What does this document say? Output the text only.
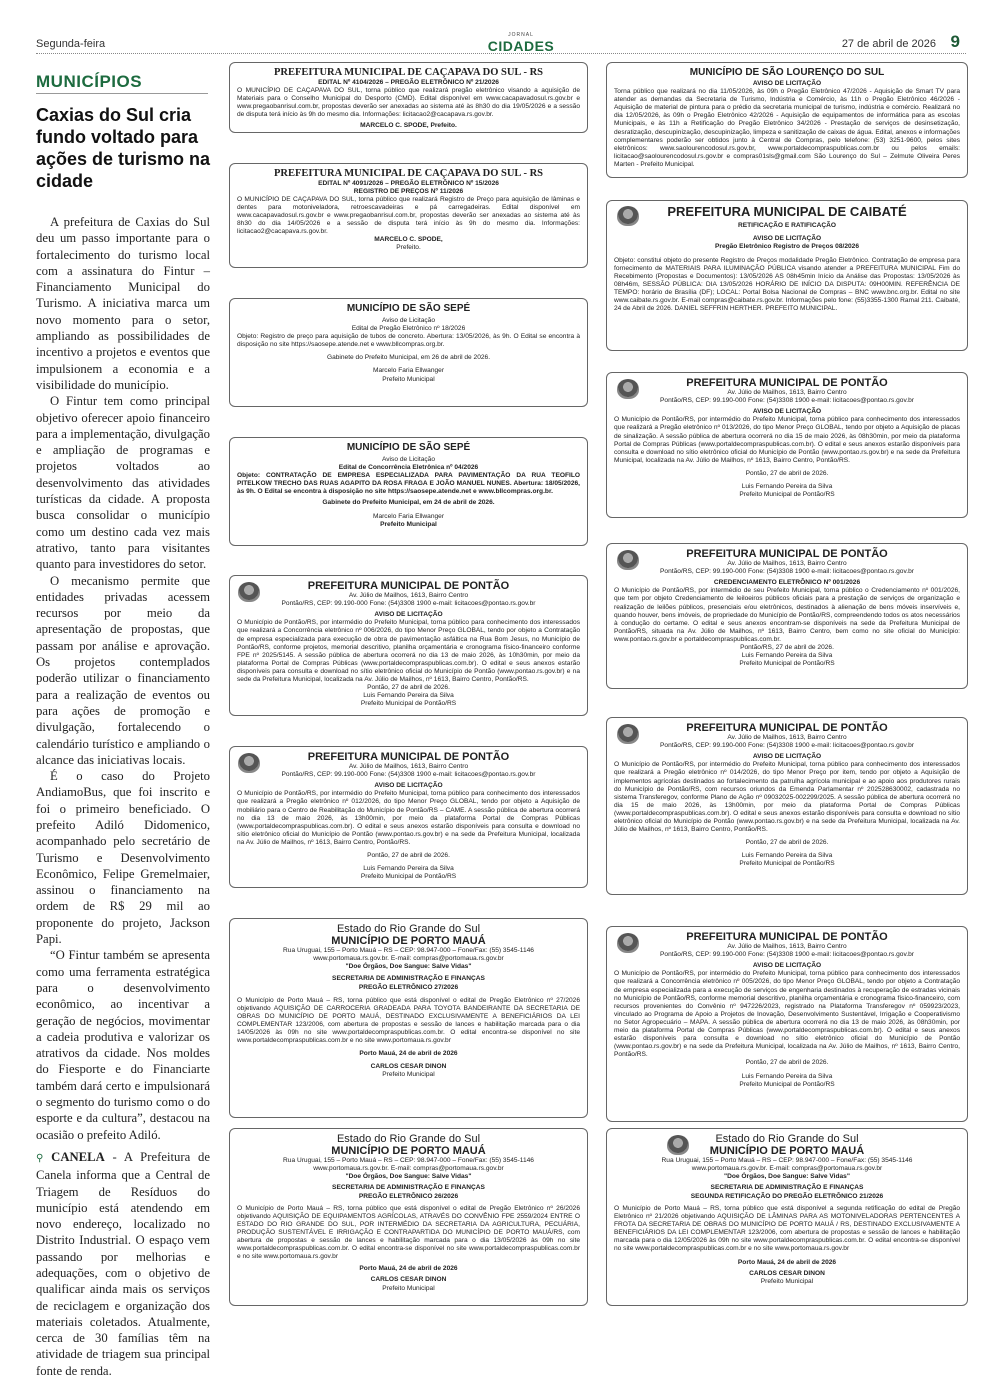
Segunda-feira
JORNAL
CIDADES	27 de abril de 2026 9
MUNICÍPIOS
Caxias do Sul cria fundo voltado para ações de turismo na cidade

A prefeitura de Caxias do Sul deu um passo importante para o fortalecimento do turismo local com a assinatura do Fintur – Financiamento Municipal do Turismo. A iniciativa marca um novo momento para o setor, ampliando as possibilidades de incentivo a projetos e eventos que impulsionem a economia e a visibilidade do município.

O Fintur tem como principal objetivo oferecer apoio financeiro para a implementação, divulgação e ampliação de programas e projetos voltados ao desenvolvimento das atividades turísticas da cidade. A proposta busca consolidar o município como um destino cada vez mais atrativo, tanto para visitantes quanto para investidores do setor.

O mecanismo permite que entidades privadas acessem recursos por meio da apresentação de propostas, que passam por análise e aprovação. Os projetos contemplados poderão utilizar o financiamento para a realização de eventos ou para ações de promoção e divulgação, fortalecendo o calendário turístico e ampliando o alcance das iniciativas locais.

É o caso do Projeto AndiamoBus, que foi inscrito e foi o primeiro beneficiado. O prefeito Adiló Didomenico, acompanhado pelo secretário de Turismo e Desenvolvimento Econômico, Felipe Gremelmaier, assinou o financiamento na ordem de R$ 29 mil ao proponente do projeto, Jackson Papi.

“O Fintur também se apresenta como uma ferramenta estratégica para o desenvolvimento econômico, ao incentivar a geração de negócios, movimentar a cadeia produtiva e valorizar os atrativos da cidade. Nos moldes do Fiesporte e do Financiarte também dará certo e impulsionará o segmento do turismo como o do esporte e da cultura”, destacou na ocasião o prefeito Adiló.

⚲ CANELA - A Prefeitura de Canela informa que a Central de Triagem de Resíduos do município está atendendo em novo endereço, localizado no Distrito Industrial. O espaço vem passando por melhorias e adequações, com o objetivo de qualificar ainda mais os serviços de reciclagem e organização dos materiais coletados. Atualmente, cerca de 30 famílias têm na atividade de triagem sua principal fonte de renda.

PREFEITURA MUNICIPAL DE CAÇAPAVA DO SUL - RS
EDITAL Nº 4104/2026 – PREGÃO ELETRÔNICO Nº 21/2026
O MUNICÍPIO DE CAÇAPAVA DO SUL, torna público que realizará pregão eletrônico visando a aquisição de Materiais para o Conselho Municipal do Desporto (CMD). Edital disponível em www.cacapavadosul.rs.gov.br e www.pregaobanrisul.com.br, propostas deverão ser anexadas ao sistema até às 8h30 do dia 19/05/2026 e a sessão de disputa terá início às 9h do mesmo dia. Informações: licitacao2@cacapava.rs.gov.br.
MARCELO C. SPODE, Prefeito.
PREFEITURA MUNICIPAL DE CAÇAPAVA DO SUL - RS
EDITAL Nº 4091/2026 – PREGÃO ELETRÔNICO Nº 15/2026
REGISTRO DE PREÇOS Nº 11/2026
O MUNICÍPIO DE CAÇAPAVA DO SUL, torna público que realizará Registro de Preço para aquisição de lâminas e dentes para motoniveladora, retroescavadeiras e pá carregadeiras. Edital disponível em www.cacapavadosul.rs.gov.br e www.pregaobanrisul.com.br, propostas deverão ser anexadas ao sistema até às 8h30 do dia 14/05/2026 e a sessão de disputa terá início às 9h do mesmo dia. Informações: licitacao2@cacapava.rs.gov.br.
MARCELO C. SPODE,
Prefeito.
MUNICÍPIO DE SÃO SEPÉ
Aviso de Licitação
Edital de Pregão Eletrônico nº 18/2026
Objeto: Registro de preço para aquisição de tubos de concreto. Abertura: 13/05/2026, às 9h. O Edital se encontra à disposição no site https://saosepe.atende.net e www.bllcompras.org.br.
Gabinete do Prefeito Municipal, em 26 de abril de 2026.
Marcelo Faria Ellwanger
Prefeito Municipal
MUNICÍPIO DE SÃO SEPÉ
Aviso de Licitação
Edital de Concorrência Eletrônica nº 04/2026
Objeto: CONTRATAÇÃO DE EMPRESA ESPECIALIZADA PARA PAVIMENTAÇÃO DA RUA TEOFILO PITELKOW TRECHO DAS RUAS AGAPITO DA ROSA FRAGA E JOÃO MANUEL NUNES. Abertura: 18/05/2026, às 9h. O Edital se encontra à disposição no site https://saosepe.atende.net e www.bllcompras.org.br.
Gabinete do Prefeito Municipal, em 24 de abril de 2026.
Marcelo Faria Ellwanger
Prefeito Municipal
PREFEITURA MUNICIPAL DE PONTÃO
Av. Júlio de Mailhos, 1613, Bairro Centro
Pontão/RS, CEP: 99.190-000 Fone: (54)3308 1900 e-mail: licitacoes@pontao.rs.gov.br
AVISO DE LICITAÇÃO
O Município de Pontão/RS, por intermédio do Prefeito Municipal, torna público para conhecimento dos interessados que realizará a Concorrência eletrônico nº 006/2026, do tipo Menor Preço GLOBAL, tendo por objeto a Contratação de empresa especializada para execução de obra de pavimentação asfáltica na Rua Bom Jesus, no Município de Pontão/RS, conforme projetos, memorial descritivo, planilha orçamentária e cronograma físico-financeiro conforme FPE nº 2025/5145. A sessão pública de abertura ocorrerá no dia 13 de maio 2026, às 10h30min, por meio da plataforma Portal de Compras Públicas (www.portaldecompraspublicas.com.br). O edital e seus anexos estarão disponíveis para consulta e download no sítio eletrônico oficial do Município de Pontão (www.pontao.rs.gov.br) e na sede da Prefeitura Municipal, localizada na Av. Júlio de Mailhos, nº 1613, Bairro Centro, Pontão/RS.
Pontão, 27 de abril de 2026.
Luis Fernando Pereira da Silva
Prefeito Municipal de Pontão/RS
PREFEITURA MUNICIPAL DE PONTÃO
Av. Júlio de Mailhos, 1613, Bairro Centro
Pontão/RS, CEP: 99.190-000 Fone: (54)3308 1900 e-mail: licitacoes@pontao.rs.gov.br
AVISO DE LICITAÇÃO
O Município de Pontão/RS, por intermédio do Prefeito Municipal, torna público para conhecimento dos interessados que realizará a Pregão eletrônico nº 012/2026, do tipo Menor Preço GLOBAL, tendo por objeto a Aquisição de mobiliário para o Centro de Reabilitação do Município de Pontão/RS – CAME. A sessão pública de abertura ocorrerá no dia 13 de maio 2026, às 13h00min, por meio da plataforma Portal de Compras Públicas (www.portaldecompraspublicas.com.br). O edital e seus anexos estarão disponíveis para consulta e download no sítio eletrônico oficial do Município de Pontão (www.pontao.rs.gov.br) e na sede da Prefeitura Municipal, localizada na Av. Júlio de Mailhos, nº 1613, Bairro Centro, Pontão/RS.
Pontão, 27 de abril de 2026.
Luis Fernando Pereira da Silva
Prefeito Municipal de Pontão/RS
Estado do Rio Grande do Sul
MUNICÍPIO DE PORTO MAUÁ
Rua Uruguai, 155 – Porto Mauá – RS – CEP: 98.947-000 – Fone/Fax: (55) 3545-1146
www.portomaua.rs.gov.br. E-mail: compras@portomaua.rs.gov.br
"Doe Órgãos, Doe Sangue: Salve Vidas"
SECRETARIA DE ADMINISTRAÇÃO E FINANÇAS
PREGÃO ELETRÔNICO 27/2026
O Município de Porto Mauá – RS, torna público que está disponível o edital de Pregão Eletrônico nº 27/2026 objetivando AQUISIÇÃO DE CARROCERIA GRADEADA PARA TOYOTA BANDEIRANTE DA SECRETARIA DE OBRAS DO MUNICÍPIO DE PORTO MAUÁ, DESTINADO EXCLUSIVAMENTE A BENEFICIÁRIOS DA LEI COMPLEMENTAR 123/2006, com abertura de propostas e sessão de lances e habilitação marcada para o dia 14/05/2026 às 09h no site www.portaldecompraspublicas.com.br. O edital encontra-se disponível no site www.portaldecompraspublicas.com.br e no site www.portomaua.rs.gov.br
Porto Mauá, 24 de abril de 2026
CARLOS CESAR DINON
Prefeito Municipal
Estado do Rio Grande do Sul
MUNICÍPIO DE PORTO MAUÁ
Rua Uruguai, 155 – Porto Mauá – RS – CEP: 98.947-000 – Fone/Fax: (55) 3545-1146
www.portomaua.rs.gov.br. E-mail: compras@portomaua.rs.gov.br
"Doe Órgãos, Doe Sangue: Salve Vidas"
SECRETARIA DE ADMINISTRAÇÃO E FINANÇAS
PREGÃO ELETRÔNICO 26/2026
O Município de Porto Mauá – RS, torna público que está disponível o edital de Pregão Eletrônico nº 26/2026 objetivando AQUISIÇÃO DE EQUIPAMENTOS AGRÍCOLAS, ATRAVÉS DO CONVÊNIO FPE 2559/2024 ENTRE O ESTADO DO RIO GRANDE DO SUL, POR INTERMÉDIO DA SECRETARIA DA AGRICULTURA, PECUÁRIA, PRODUÇÃO SUSTENTÁVEL E IRRIGAÇÃO E CONTRAPARTIDA DO MUNICÍPIO DE PORTO MAUÁ/RS, com abertura de propostas e sessão de lances e habilitação marcada para o dia 13/05/2026 às 09h no site www.portaldecompraspublicas.com.br. O edital encontra-se disponível no site www.portaldecompraspublicas.com.br e no site www.portomaua.rs.gov.br
Porto Mauá, 24 de abril de 2026
CARLOS CESAR DINON
Prefeito Municipal
MUNICÍPIO DE SÃO LOURENÇO DO SUL
AVISO DE LICITAÇÃO
Torna público que realizará no dia 11/05/2026, às 09h o Pregão Eletrônico 47/2026 - Aquisição de Smart TV para atender as demandas da Secretaria de Turismo, Indústria e Comércio, às 11h o Pregão Eletrônico 46/2026 - Aquisição de material de pintura para o prédio da secretaria municipal de turismo, indústria e comércio. Realizará no dia 12/05/2026, às 09h o Pregão Eletrônico 42/2026 - Aquisição de equipamentos de informática para as escolas Municipais, e às 11h a Retificação do Pregão Eletrônico 34/2026 - Prestação de serviços de desinsetização, desratização, descupinização, descupinização, limpeza e sanitização de caixas de água. Edital, anexos e informações complementares poderão ser obtidos junto à Central de Compras, pelo telefone: (53) 3251-9600, pelos sites eletrônicos: www.saolourencodosul.rs.gov.br, www.portaldecompraspublicas.com.br ou pelos emails: licitacao@saolourencodosul.rs.gov.br e compras01sls@gmail.com São Lourenço do Sul – Zelmute Oliveira Peres Marten - Prefeito Municipal.
PREFEITURA MUNICIPAL DE CAIBATÉ
RETIFICAÇÃO E RATIFICAÇÃO
AVISO DE LICITAÇÃO
Pregão Eletrônico Registro de Preços 08/2026
Objeto: constitui objeto do presente Registro de Preços modalidade Pregão Eletrônico. Contratação de empresa para fornecimento de MATERIAIS PARA ILUMINAÇÃO PÚBLICA visando atender a PREFEITURA MUNICIPAL Fim do Recebimento (Propostas e Documentos): 13/05/2026 AS 08h45min Início da Análise das Propostas: 13/05/2026 às 08h46m, SESSÃO PÚBLICA: DIA 13/05/2026 HORÁRIO DE INÍCIO DA DISPUTA: 09H00MIN. REFERÊNCIA DE TEMPO: horário de Brasília (DF); LOCAL: Portal Bolsa Nacional de Compras – BNC www.bnc.org.br. Edital no site www.caibate.rs.gov.br. E-mail compras@caibate.rs.gov.br. Informações pelo fone: (55)3355-1300 Ramal 211. Caibaté, 24 de Abril de 2026. DANIEL SEFFRIN HERTHER. PREFEITO MUNICIPAL.
PREFEITURA MUNICIPAL DE PONTÃO
Av. Júlio de Mailhos, 1613, Bairro Centro
Pontão/RS, CEP: 99.190-000 Fone: (54)3308 1900 e-mail: licitacoes@pontao.rs.gov.br
AVISO DE LICITAÇÃO
O Município de Pontão/RS, por intermédio do Prefeito Municipal, torna público para conhecimento dos interessados que realizará a Pregão eletrônico nº 013/2026, do tipo Menor Preço GLOBAL, tendo por objeto a Aquisição de placas de sinalização. A sessão pública de abertura ocorrerá no dia 15 de maio 2026, às 08h30min, por meio da plataforma Portal de Compras Públicas (www.portaldecompraspublicas.com.br). O edital e seus anexos estarão disponíveis para consulta e download no sítio eletrônico oficial do Município de Pontão (www.pontao.rs.gov.br) e na sede da Prefeitura Municipal, localizada na Av. Júlio de Mailhos, nº 1613, Bairro Centro, Pontão/RS.
Pontão, 27 de abril de 2026.
Luis Fernando Pereira da Silva
Prefeito Municipal de Pontão/RS
PREFEITURA MUNICIPAL DE PONTÃO
Av. Júlio de Mailhos, 1613, Bairro Centro
Pontão/RS, CEP: 99.190-000 Fone: (54)3308 1900 e-mail: licitacoes@pontao.rs.gov.br
CREDENCIAMENTO ELETRÔNICO Nº 001/2026
O Município de Pontão/RS, por intermédio de seu Prefeito Municipal, torna público o Credenciamento nº 001/2026, que tem por objeto Credenciamento de leiloeiros públicos oficiais para a prestação de serviços de organização e realização de leilões públicos, presenciais e/ou eletrônicos, destinados à alienação de bens móveis inservíveis e, quando houver, bens imóveis, de propriedade do Município de Pontão/RS, compreendendo todos os atos necessários à condução do certame. O edital e seus anexos encontram-se disponíveis na sede da Prefeitura Municipal de Pontão/RS, situada na Av. Júlio de Mailhos, nº 1613, Bairro Centro, bem como no site oficial do Município: www.pontao.rs.gov.br e portaldecompraspublicas.com.br.
Pontão/RS, 27 de abril de 2026.
Luis Fernando Pereira da Silva
Prefeito Municipal de Pontão/RS
PREFEITURA MUNICIPAL DE PONTÃO
Av. Júlio de Mailhos, 1613, Bairro Centro
Pontão/RS, CEP: 99.190-000 Fone: (54)3308 1900 e-mail: licitacoes@pontao.rs.gov.br
AVISO DE LICITAÇÃO
O Município de Pontão/RS, por intermédio do Prefeito Municipal, torna público para conhecimento dos interessados que realizará a Pregão eletrônico nº 014/2026, do tipo Menor Preço por item, tendo por objeto a Aquisição de implementos agrícolas destinados ao fortalecimento da patrulha agrícola municipal e ao apoio aos produtores rurais do Município de Pontão/RS, com recursos oriundos da Emenda Parlamentar nº 202528630002, cadastrada no sistema Transferegov, conforme Plano de Ação nº 09032025-002299/2025. A sessão pública de abertura ocorrerá no dia 15 de maio 2026, às 13h00min, por meio da plataforma Portal de Compras Públicas (www.portaldecompraspublicas.com.br). O edital e seus anexos estarão disponíveis para consulta e download no sítio eletrônico oficial do Município de Pontão (www.pontao.rs.gov.br) e na sede da Prefeitura Municipal, localizada na Av. Júlio de Mailhos, nº 1613, Bairro Centro, Pontão/RS.
Pontão, 27 de abril de 2026.
Luis Fernando Pereira da Silva
Prefeito Municipal de Pontão/RS
PREFEITURA MUNICIPAL DE PONTÃO
Av. Júlio de Mailhos, 1613, Bairro Centro
Pontão/RS, CEP: 99.190-000 Fone: (54)3308 1900 e-mail: licitacoes@pontao.rs.gov.br
AVISO DE LICITAÇÃO
O Município de Pontão/RS, por intermédio do Prefeito Municipal, torna público para conhecimento dos interessados que realizará a Concorrência eletrônico nº 005/2026, do tipo Menor Preço GLOBAL, tendo por objeto a Contratação de empresa especializada para a execução de serviços de engenharia destinados à recuperação de estradas vicinais no Município de Pontão/RS, conforme memorial descritivo, planilha orçamentária e cronograma físico-financeiro, com recursos provenientes do Convênio nº 947226/2023, registrado na Plataforma Transferegov nº 059923/2023, vinculado ao Programa de Apoio a Projetos de Inovação, Desenvolvimento Sustentável, Irrigação e Cooperativismo no Setor Agropecuário – MAPA. A sessão pública de abertura ocorrerá no dia 13 de maio 2026, às 08h30min, por meio da plataforma Portal de Compras Públicas (www.portaldecompraspublicas.com.br). O edital e seus anexos estarão disponíveis para consulta e download no sítio eletrônico oficial do Município de Pontão (www.pontao.rs.gov.br) e na sede da Prefeitura Municipal, localizada na Av. Júlio de Mailhos, nº 1613, Bairro Centro, Pontão/RS.
Pontão, 27 de abril de 2026.
Luis Fernando Pereira da Silva
Prefeito Municipal de Pontão/RS
Estado do Rio Grande do Sul
MUNICÍPIO DE PORTO MAUÁ
Rua Uruguai, 155 – Porto Mauá – RS – CEP: 98.947-000 – Fone/Fax: (55) 3545-1146
www.portomaua.rs.gov.br. E-mail: compras@portomaua.rs.gov.br
"Doe Órgãos, Doe Sangue: Salve Vidas"
SECRETARIA DE ADMINISTRAÇÃO E FINANÇAS
SEGUNDA RETIFICAÇÃO DO PREGÃO ELETRÔNICO 21/2026
O Município de Porto Mauá – RS, torna público que está disponível a segunda retificação do edital de Pregão Eletrônico nº 21/2026 objetivando AQUISIÇÃO DE LÂMINAS PARA AS MOTONIVELADORAS PERTENCENTES A FROTA DA SECRETARIA DE OBRAS DO MUNICÍPIO DE PORTO MAUÁ / RS, DESTINADO EXCLUSIVAMENTE A BENEFICIÁRIOS DA LEI COMPLEMENTAR 123/2006, com abertura de propostas e sessão de lances e habilitação marcada para o dia 12/05/2026 às 09h no site www.portaldecompraspublicas.com.br. O edital encontra-se disponível no site www.portaldecompraspublicas.com.br e no site www.portomaua.rs.gov.br
Porto Mauá, 24 de abril de 2026
CARLOS CESAR DINON
Prefeito Municipal
